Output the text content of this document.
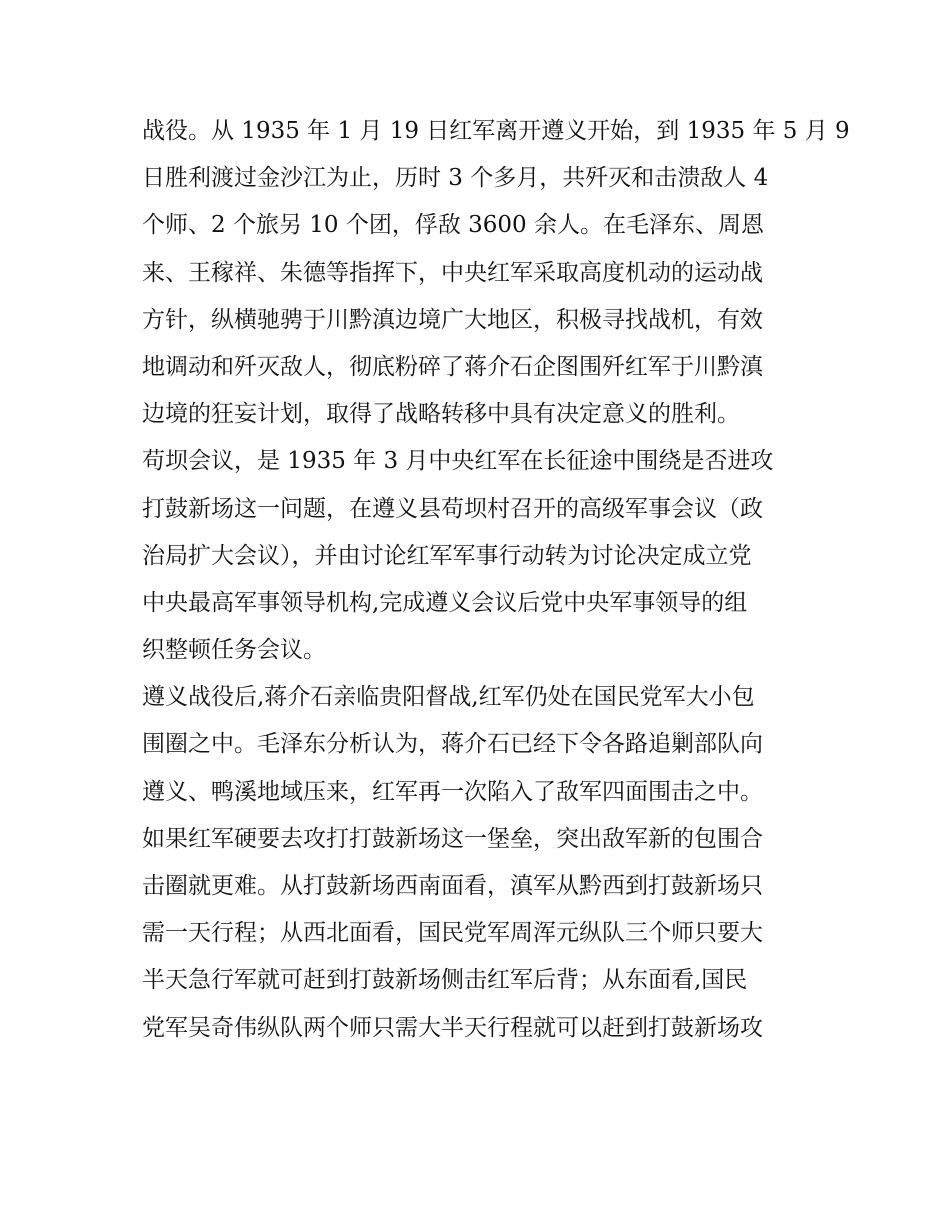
战役。从 1935 年 1 月 19 日红军离开遵义开始，到 1935 年 5 月 9
日胜利渡过金沙江为止，历时 3 个多月，共歼灭和击溃敌人 4
个师、2 个旅另 10 个团，俘敌 3600 余人。在毛泽东、周恩
来、王稼祥、朱德等指挥下，中央红军采取高度机动的运动战
方针，纵横驰骋于川黔滇边境广大地区，积极寻找战机，有效
地调动和歼灭敌人，彻底粉碎了蒋介石企图围歼红军于川黔滇
边境的狂妄计划，取得了战略转移中具有决定意义的胜利。
苟坝会议，是 1935 年 3 月中央红军在长征途中围绕是否进攻
打鼓新场这一问题，在遵义县苟坝村召开的高级军事会议（政
治局扩大会议），并由讨论红军军事行动转为讨论决定成立党
中央最高军事领导机构,完成遵义会议后党中央军事领导的组
织整顿任务会议。
遵义战役后,蒋介石亲临贵阳督战,红军仍处在国民党军大小包
围圈之中。毛泽东分析认为，蒋介石已经下令各路追剿部队向
遵义、鸭溪地域压来，红军再一次陷入了敌军四面围击之中。
如果红军硬要去攻打打鼓新场这一堡垒，突出敌军新的包围合
击圈就更难。从打鼓新场西南面看，滇军从黔西到打鼓新场只
需一天行程；从西北面看，国民党军周浑元纵队三个师只要大
半天急行军就可赶到打鼓新场侧击红军后背；从东面看,国民
党军吴奇伟纵队两个师只需大半天行程就可以赶到打鼓新场攻
